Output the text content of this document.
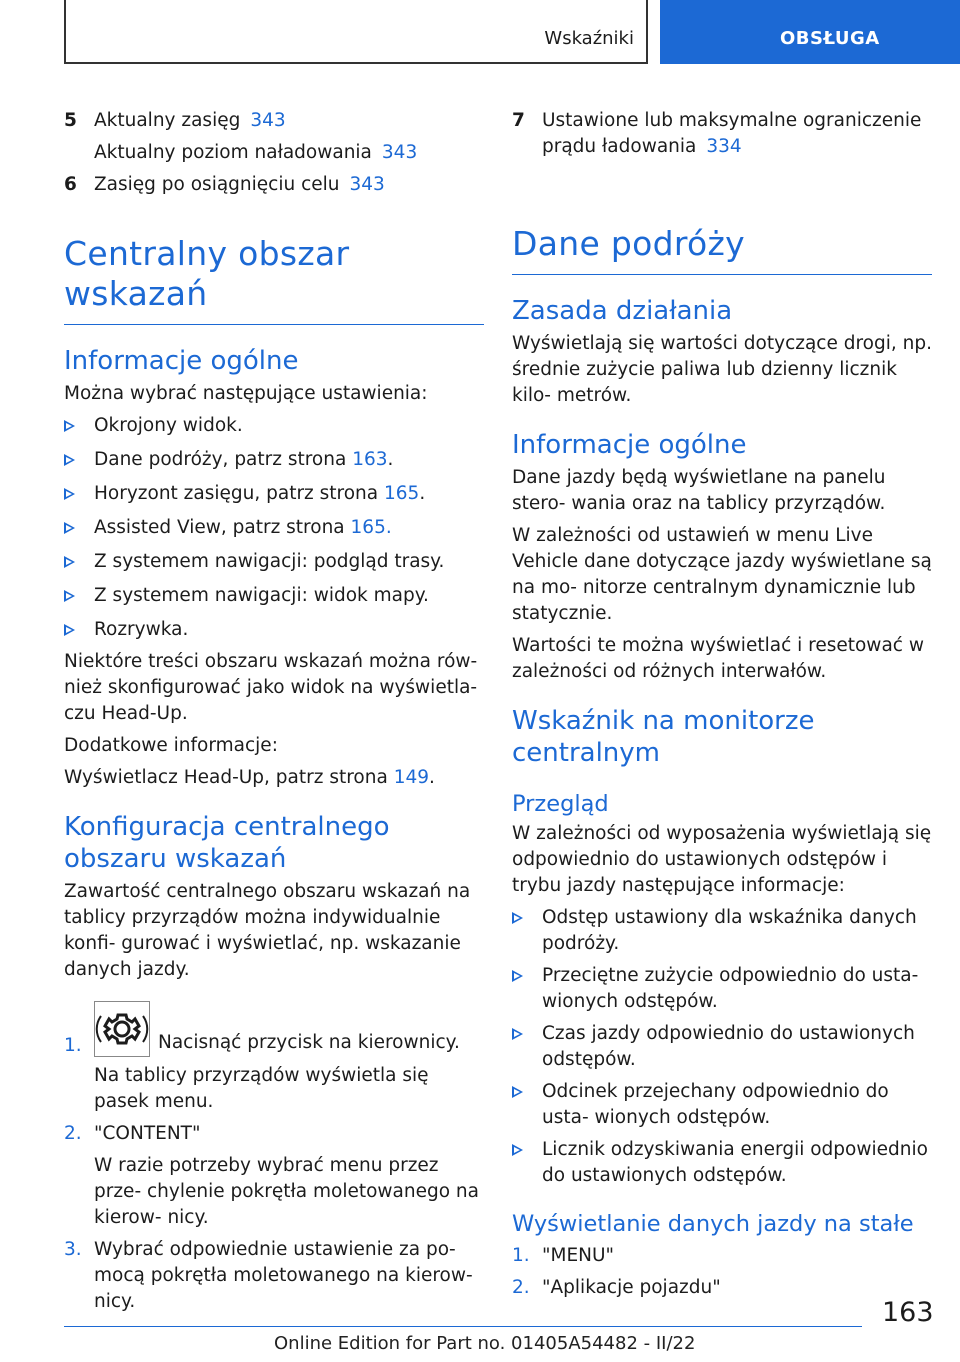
Wskaźniki	OBSŁUGA
5 Aktualny zasięg 343
Aktualny poziom naładowania 343
6 Zasięg po osiągnięciu celu 343
Centralny obszar wskazań
Informacje ogólne

Można wybrać następujące ustawienia:

Okrojony widok.
Dane podróży, patrz strona 163.
Horyzont zasięgu, patrz strona 165.
Assisted View, patrz strona 165.
Z systemem nawigacji: podgląd trasy.
Z systemem nawigacji: widok mapy.
Rozrywka.

Niektóre treści obszaru wskazań można rów‐ nież skonfigurować jako widok na wyświetla‐ czu Head-Up.

Dodatkowe informacje:

Wyświetlacz Head-Up, patrz strona 149.

Konfiguracja centralnego obszaru wskazań

Zawartość centralnego obszaru wskazań na tablicy przyrządów można indywidualnie konfi‐ gurować i wyświetlać, np. wskazanie danych jazdy.

1.	Nacisnąć przycisk na kierownicy.

Na tablicy przyrządów wyświetla się pasek menu.

2. "CONTENT"

W razie potrzeby wybrać menu przez prze‐ chylenie pokrętła moletowanego na kierow‐ nicy.

3. Wybrać odpowiednie ustawienie za po‐ mocą pokrętła moletowanego na kierow‐ nicy.
7 Ustawione lub maksymalne ograniczenie prądu ładowania 334
Dane podróży
Zasada działania

Wyświetlają się wartości dotyczące drogi, np. średnie zużycie paliwa lub dzienny licznik kilo‐ metrów.

Informacje ogólne

Dane jazdy będą wyświetlane na panelu stero‐ wania oraz na tablicy przyrządów.

W zależności od ustawień w menu Live Vehicle dane dotyczące jazdy wyświetlane są na mo‐ nitorze centralnym dynamicznie lub statycznie.

Wartości te można wyświetlać i resetować w zależności od różnych interwałów.

Wskaźnik na monitorze centralnym
Przegląd

W zależności od wyposażenia wyświetlają się odpowiednio do ustawionych odstępów i trybu jazdy następujące informacje:

Odstęp ustawiony dla wskaźnika danych podróży.
Przeciętne zużycie odpowiednio do usta‐ wionych odstępów.
Czas jazdy odpowiednio do ustawionych odstępów.
Odcinek przejechany odpowiednio do usta‐ wionych odstępów.
Licznik odzyskiwania energii odpowiednio do ustawionych odstępów.
Wyświetlanie danych jazdy na stałe
1. "MENU"
2. "Aplikacje pojazdu"
163
Online Edition for Part no. 01405A54482 - II/22
